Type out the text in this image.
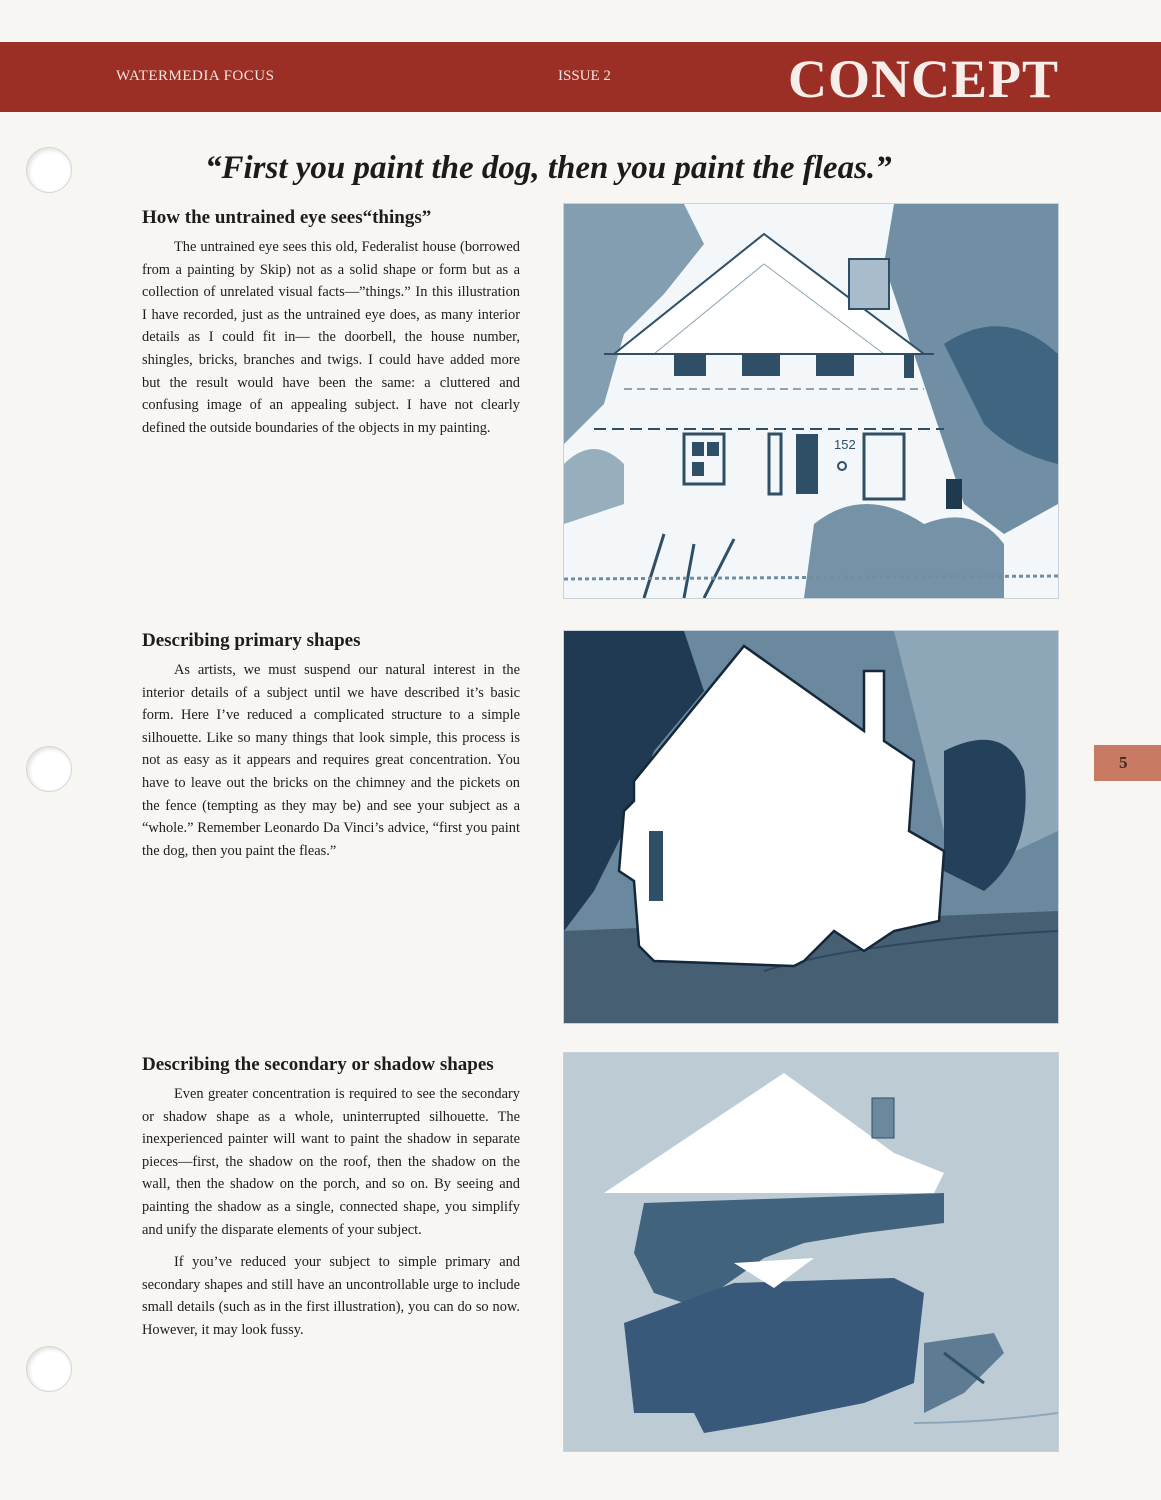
WATERMEDIA FOCUS	ISSUE 2	CONCEPT
“First you paint the dog, then you paint the fleas.”
How the untrained eye sees“things”

The untrained eye sees this old, Federalist house (borrowed from a painting by Skip) not as a solid shape or form but as a collection of unrelated visual facts—”things.” In this illustration I have recorded, just as the untrained eye does, as many interior details as I could fit in— the doorbell, the house number, shingles, bricks, branches and twigs. I could have added more but the result would have been the same: a cluttered and confusing image of an appealing subject. I have not clearly defined the outside boundaries of the objects in my painting.

Describing primary shapes

As artists, we must suspend our natural interest in the interior details of a subject until we have described it’s basic form. Here I’ve reduced a complicated structure to a simple silhouette. Like so many things that look simple, this process is not as easy as it appears and requires great concentration. You have to leave out the bricks on the chimney and the pickets on the fence (tempting as they may be) and see your subject as a “whole.” Remember Leonardo Da Vinci’s advice, “first you paint the dog, then you paint the fleas.”

Describing the secondary or shadow shapes

Even greater concentration is required to see the secondary or shadow shape as a whole, uninterrupted silhouette. The inexperienced painter will want to paint the shadow in separate pieces—first, the shadow on the roof, then the shadow on the wall, then the shadow on the porch, and so on. By seeing and painting the shadow as a single, connected shape, you simplify and unify the disparate elements of your subject.

If you’ve reduced your subject to simple primary and secondary shapes and still have an uncontrollable urge to include small details (such as in the first illustration), you can do so now. However, it may look fussy.

152
5
